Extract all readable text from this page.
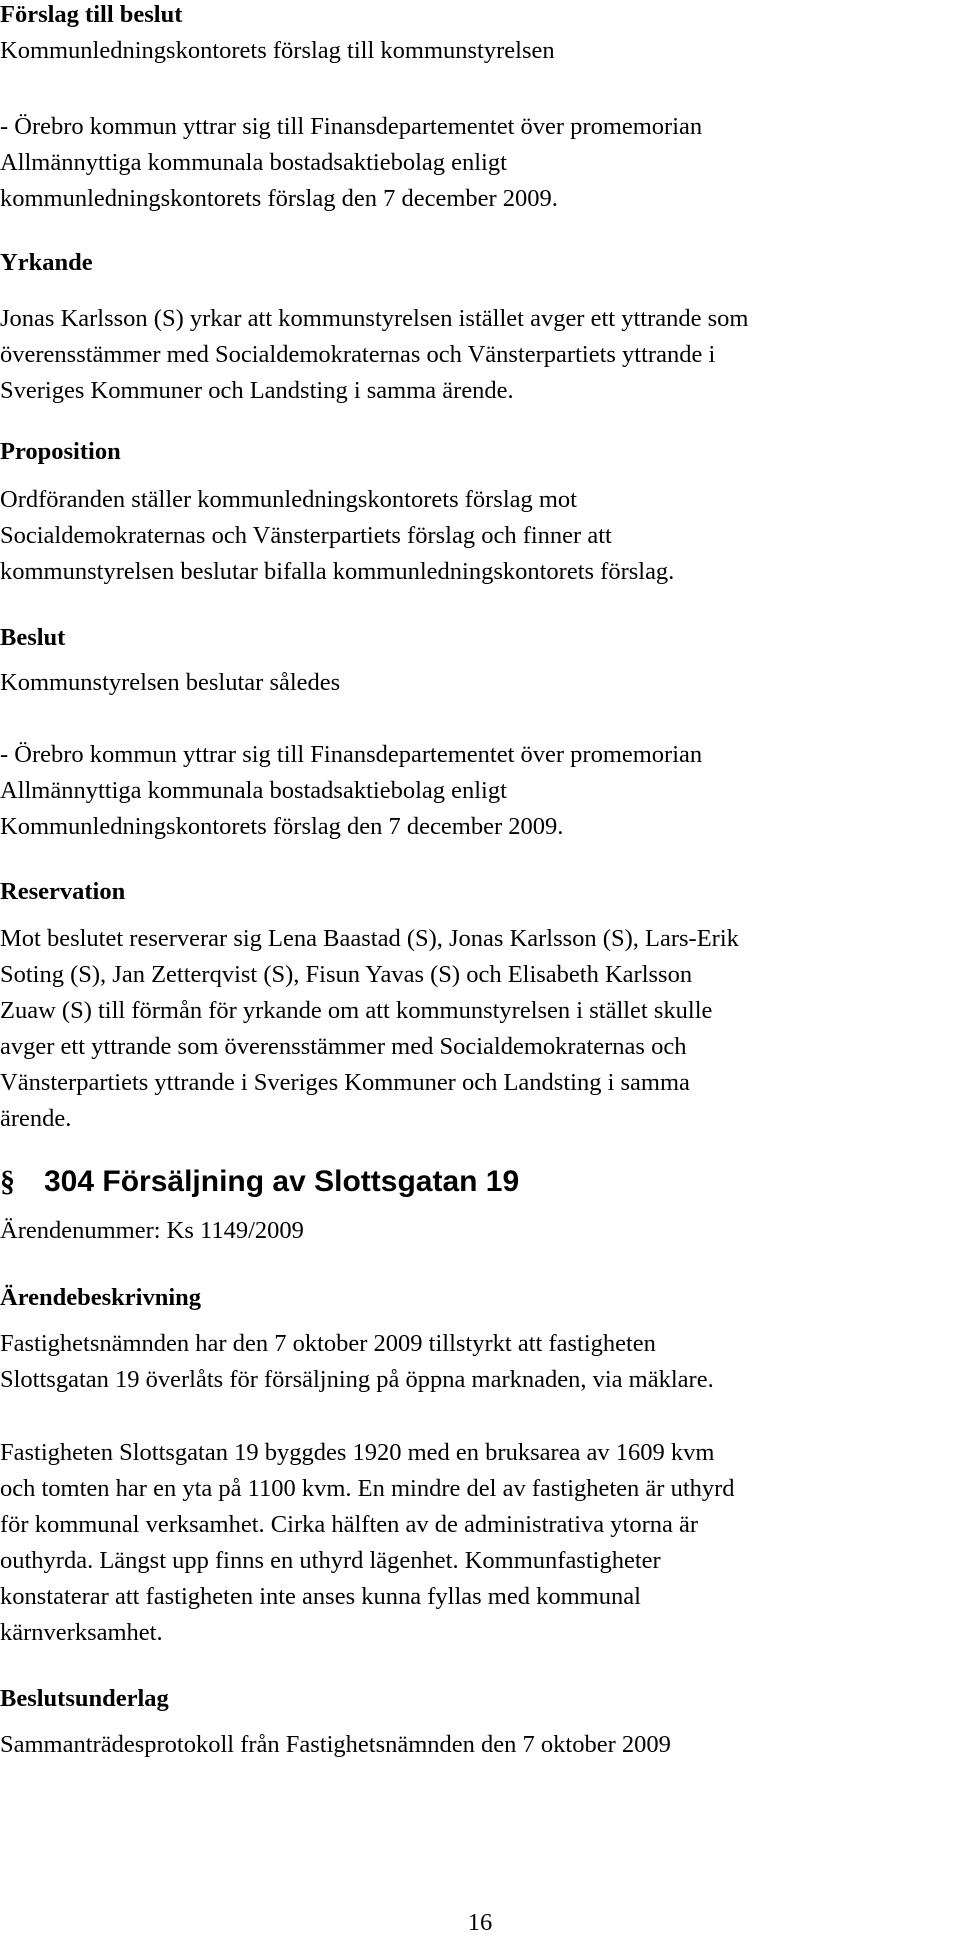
Förslag till beslut

Kommunledningskontorets förslag till kommunstyrelsen

- Örebro kommun yttrar sig till Finansdepartementet över promemorian

Allmännyttiga kommunala bostadsaktiebolag enligt

kommunledningskontorets förslag den 7 december 2009.

Yrkande

Jonas Karlsson (S) yrkar att kommunstyrelsen istället avger ett yttrande som

överensstämmer med Socialdemokraternas och Vänsterpartiets yttrande i

Sveriges Kommuner och Landsting i samma ärende.

Proposition

Ordföranden ställer kommunledningskontorets förslag mot

Socialdemokraternas och Vänsterpartiets förslag och finner att

kommunstyrelsen beslutar bifalla kommunledningskontorets förslag.

Beslut

Kommunstyrelsen beslutar således

- Örebro kommun yttrar sig till Finansdepartementet över promemorian

Allmännyttiga kommunala bostadsaktiebolag enligt

Kommunledningskontorets förslag den 7 december 2009.

Reservation

Mot beslutet reserverar sig Lena Baastad (S), Jonas Karlsson (S), Lars-Erik

Soting (S), Jan Zetterqvist (S), Fisun Yavas (S) och Elisabeth Karlsson

Zuaw (S) till förmån för yrkande om att kommunstyrelsen i stället skulle

avger ett yttrande som överensstämmer med Socialdemokraternas och

Vänsterpartiets yttrande i Sveriges Kommuner och Landsting i samma

ärende.

§ 304 Försäljning av Slottsgatan 19

Ärendenummer: Ks 1149/2009

Ärendebeskrivning

Fastighetsnämnden har den 7 oktober 2009 tillstyrkt att fastigheten

Slottsgatan 19 överlåts för försäljning på öppna marknaden, via mäklare.

Fastigheten Slottsgatan 19 byggdes 1920 med en bruksarea av 1609 kvm

och tomten har en yta på 1100 kvm. En mindre del av fastigheten är uthyrd

för kommunal verksamhet. Cirka hälften av de administrativa ytorna är

outhyrda. Längst upp finns en uthyrd lägenhet. Kommunfastigheter

konstaterar att fastigheten inte anses kunna fyllas med kommunal

kärnverksamhet.

Beslutsunderlag

Sammanträdesprotokoll från Fastighetsnämnden den 7 oktober 2009

16
